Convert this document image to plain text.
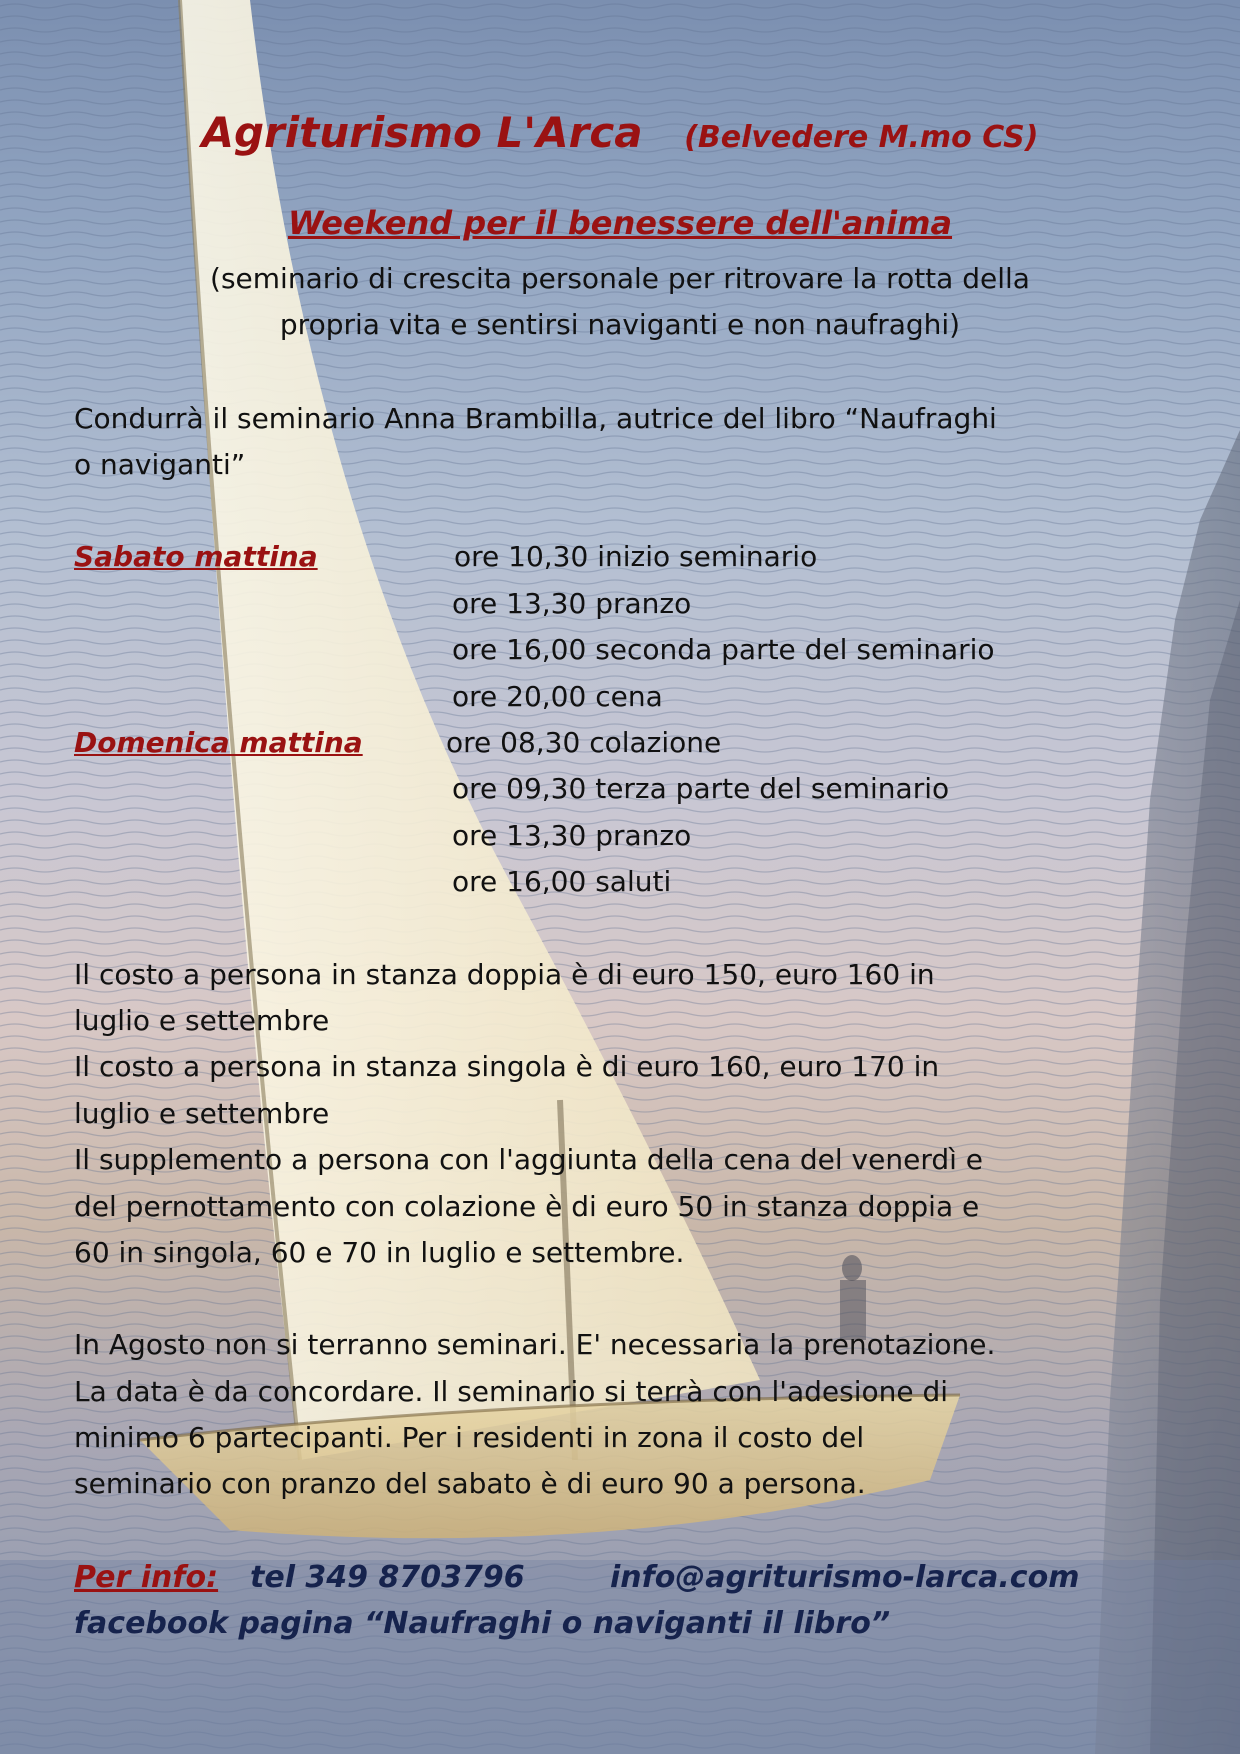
Agriturismo L'Arca (Belvedere M.mo CS)
Weekend per il benessere dell'anima
(seminario di crescita personale per ritrovare la rotta della
propria vita e sentirsi naviganti e non naufraghi)

Condurrà il seminario Anna Brambilla, autrice del libro “Naufraghi

o naviganti”

Sabato mattina	ore 10,30 inizio seminario

ore 13,30 pranzo

ore 16,00 seconda parte del seminario

ore 20,00 cena

Domenica mattina	ore 08,30 colazione

ore 09,30 terza parte del seminario

ore 13,30 pranzo

ore 16,00 saluti

Il costo a persona in stanza doppia è di euro 150, euro 160 in

luglio e settembre

Il costo a persona in stanza singola è di euro 160, euro 170 in

luglio e settembre

Il supplemento a persona con l'aggiunta della cena del venerdì e

del pernottamento con colazione è di euro 50 in stanza doppia e

60 in singola, 60 e 70 in luglio e settembre.

In Agosto non si terranno seminari. E' necessaria la prenotazione.

La data è da concordare. Il seminario si terrà con l'adesione di

minimo 6 partecipanti. Per i residenti in zona il costo del

seminario con pranzo del sabato è di euro 90 a persona.

Per info: tel 349 8703796	info@agriturismo-larca.com

facebook pagina “Naufraghi o naviganti il libro”
